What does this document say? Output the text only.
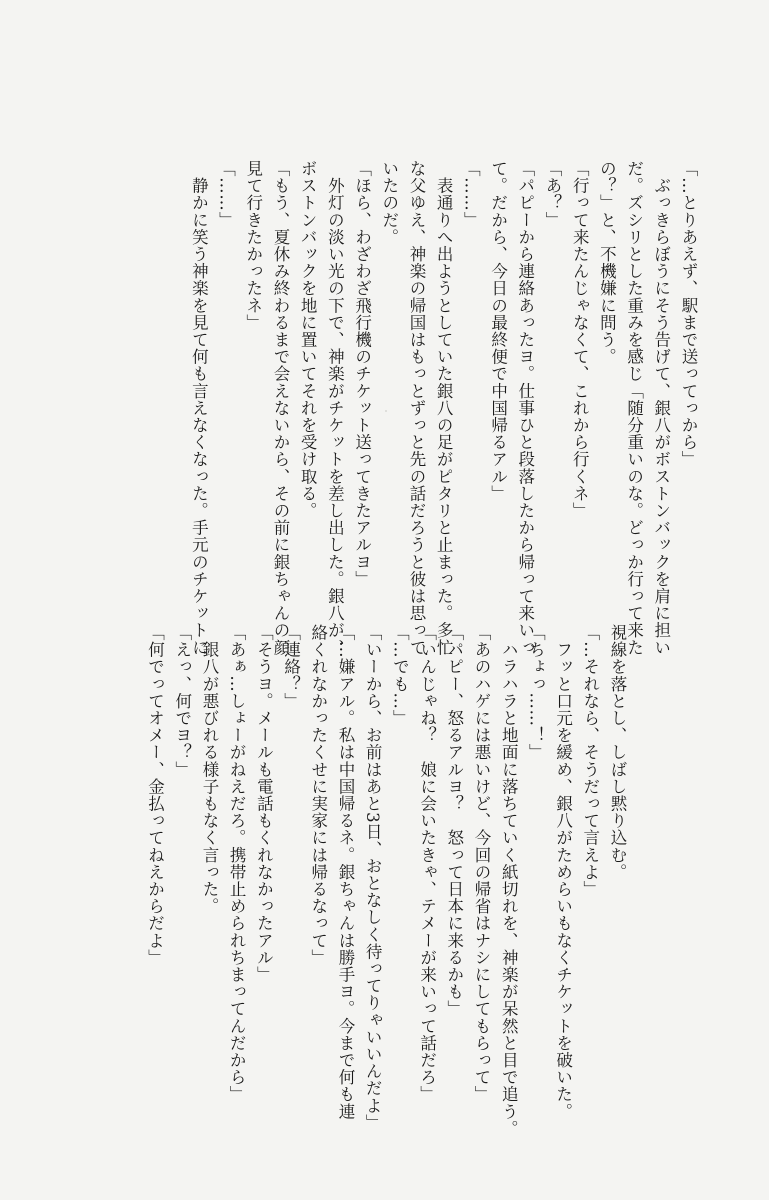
「…とりあえず、駅まで送ってっから」
　ぶっきらぼうにそう告げて、銀八がボストンバックを肩に担い
だ。ズシリとした重みを感じ「随分重いのな。どっか行って来た
の？」と、不機嫌に問う。
「行って来たんじゃなくて、これから行くネ」
「あ？」
「パピーから連絡あったヨ。仕事ひと段落したから帰って来いっ
て。だから、今日の最終便で中国帰るアル」
「……」
　表通りへ出ようとしていた銀八の足がピタリと止まった。多忙
な父ゆえ、神楽の帰国はもっとずっと先の話だろうと彼は思って
いたのだ。
「ほら、わざわざ飛行機のチケット送ってきたアルヨ」
　外灯の淡い光の下で、神楽がチケットを差し出した。銀八が、
ボストンバックを地に置いてそれを受け取る。
「もう、夏休み終わるまで会えないから、その前に銀ちゃんの顔
見て行きたかったネ」
「……」
　静かに笑う神楽を見て何も言えなくなった。手元のチケットに
視線を落とし、しばし黙り込む。
「…それなら、そうだって言えよ」
　フッと口元を緩め、銀八がためらいもなくチケットを破いた。
「ちょっ……！」
　ハラハラと地面に落ちていく紙切れを、神楽が呆然と目で追う。
「あのハゲには悪いけど、今回の帰省はナシにしてもらって」
「パピー、怒るアルヨ？　怒って日本に来るかも」
「いんじゃね？　娘に会いたきゃ、テメーが来いって話だろ」
「…でも…」
「いーから、お前はあと3日、おとなしく待ってりゃいいんだよ」
「…嫌アル。私は中国帰るネ。銀ちゃんは勝手ヨ。今まで何も連
絡くれなかったくせに実家には帰るなって」
「連絡？」
「そうヨ。メールも電話もくれなかったアル」
「あぁ…しょーがねえだろ。携帯止められちまってんだから」
　銀八が悪びれる様子もなく言った。
「えっ、何でヨ？」
「何でってオメー、金払ってねえからだよ」
